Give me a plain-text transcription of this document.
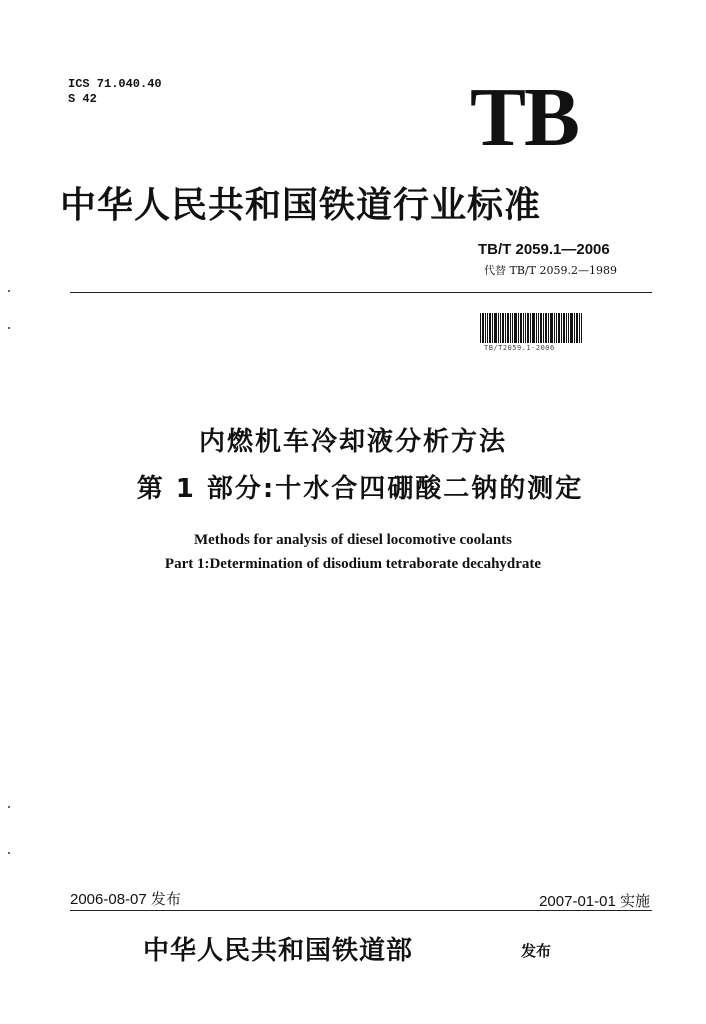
ICS 71.040.40
S 42	TB
中华人民共和国铁道行业标准
TB/T 2059.1—2006
代替 TB/T 2059.2—1989
TB/T2059.1-2006
内燃机车冷却液分析方法
第 1 部分:十水合四硼酸二钠的测定
Methods for analysis of diesel locomotive coolants
Part 1:Determination of disodium tetraborate decahydrate
2006-08-07 发布	2007-01-01 实施
中华人民共和国铁道部	发布
